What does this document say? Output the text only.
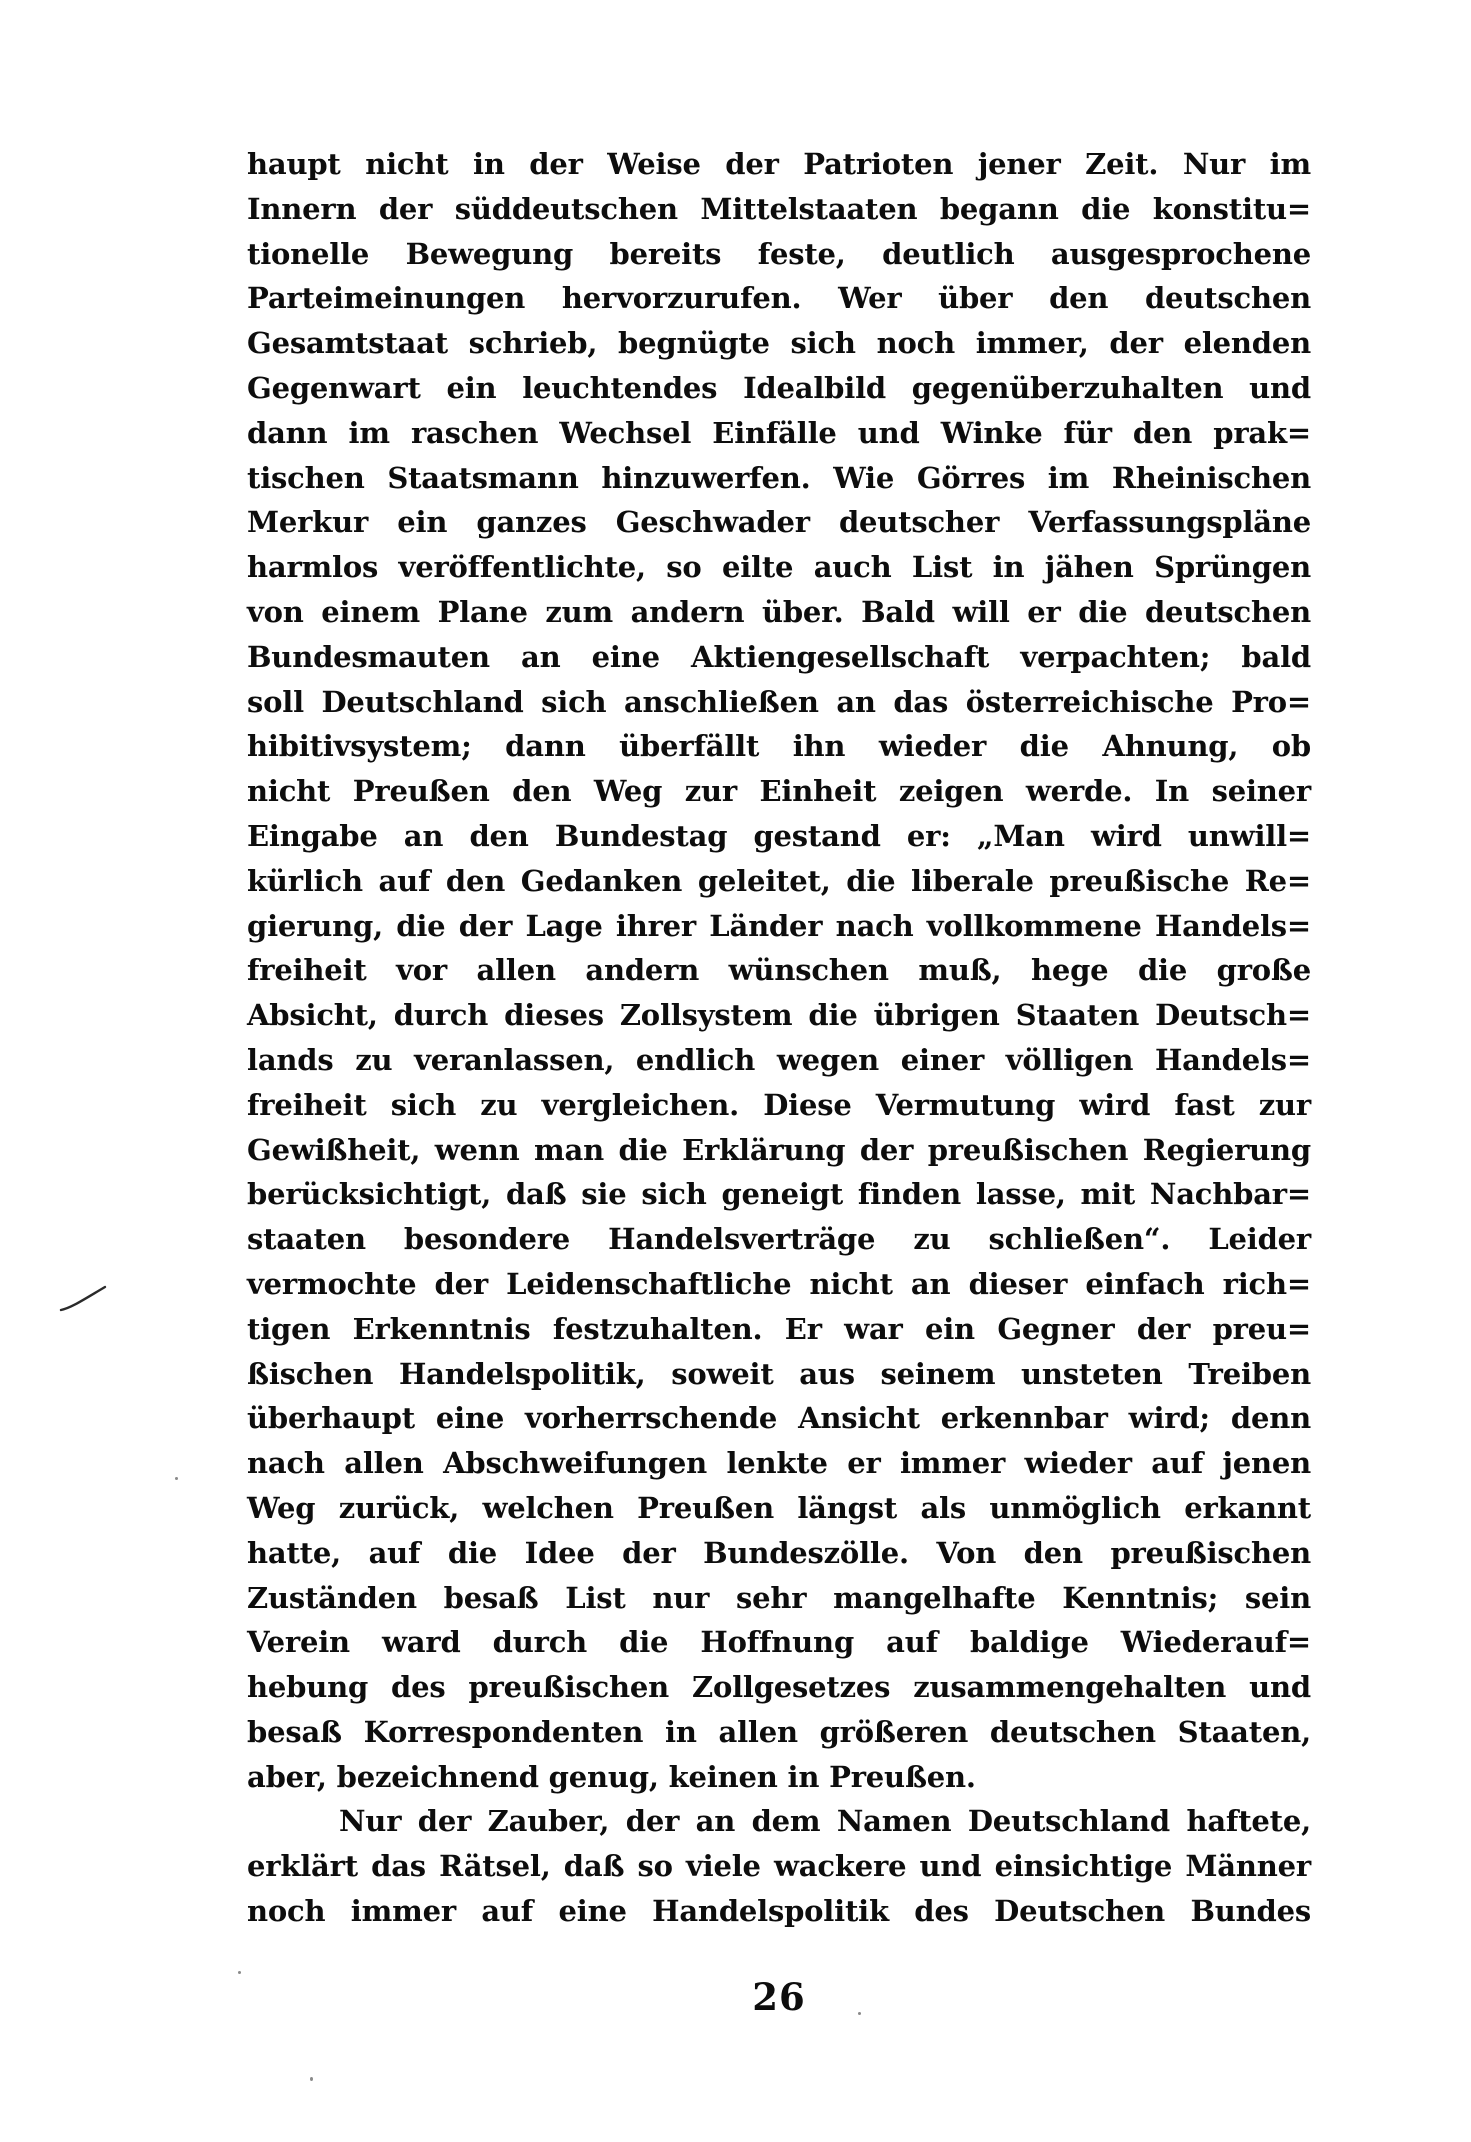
haupt nicht in der Weise der Patrioten jener Zeit. Nur im
Innern der süddeutschen Mittelstaaten begann die konstitu=
tionelle Bewegung bereits feste, deutlich ausgesprochene
Parteimeinungen hervorzurufen. Wer über den deutschen
Gesamtstaat schrieb, begnügte sich noch immer, der elenden
Gegenwart ein leuchtendes Idealbild gegenüberzuhalten und
dann im raschen Wechsel Einfälle und Winke für den prak=
tischen Staatsmann hinzuwerfen. Wie Görres im Rheinischen
Merkur ein ganzes Geschwader deutscher Verfassungspläne
harmlos veröffentlichte, so eilte auch List in jähen Sprüngen
von einem Plane zum andern über. Bald will er die deutschen
Bundesmauten an eine Aktiengesellschaft verpachten; bald
soll Deutschland sich anschließen an das österreichische Pro=
hibitivsystem; dann überfällt ihn wieder die Ahnung, ob
nicht Preußen den Weg zur Einheit zeigen werde. In seiner
Eingabe an den Bundestag gestand er: „Man wird unwill=
kürlich auf den Gedanken geleitet, die liberale preußische Re=
gierung, die der Lage ihrer Länder nach vollkommene Handels=
freiheit vor allen andern wünschen muß, hege die große
Absicht, durch dieses Zollsystem die übrigen Staaten Deutsch=
lands zu veranlassen, endlich wegen einer völligen Handels=
freiheit sich zu vergleichen. Diese Vermutung wird fast zur
Gewißheit, wenn man die Erklärung der preußischen Regierung
berücksichtigt, daß sie sich geneigt finden lasse, mit Nachbar=
staaten besondere Handelsverträge zu schließen“. Leider
vermochte der Leidenschaftliche nicht an dieser einfach rich=
tigen Erkenntnis festzuhalten. Er war ein Gegner der preu=
ßischen Handelspolitik, soweit aus seinem unsteten Treiben
überhaupt eine vorherrschende Ansicht erkennbar wird; denn
nach allen Abschweifungen lenkte er immer wieder auf jenen
Weg zurück, welchen Preußen längst als unmöglich erkannt
hatte, auf die Idee der Bundeszölle. Von den preußischen
Zuständen besaß List nur sehr mangelhafte Kenntnis; sein
Verein ward durch die Hoffnung auf baldige Wiederauf=
hebung des preußischen Zollgesetzes zusammengehalten und
besaß Korrespondenten in allen größeren deutschen Staaten,
aber, bezeichnend genug, keinen in Preußen.
Nur der Zauber, der an dem Namen Deutschland haftete,
erklärt das Rätsel, daß so viele wackere und einsichtige Männer
noch immer auf eine Handelspolitik des Deutschen Bundes
26
